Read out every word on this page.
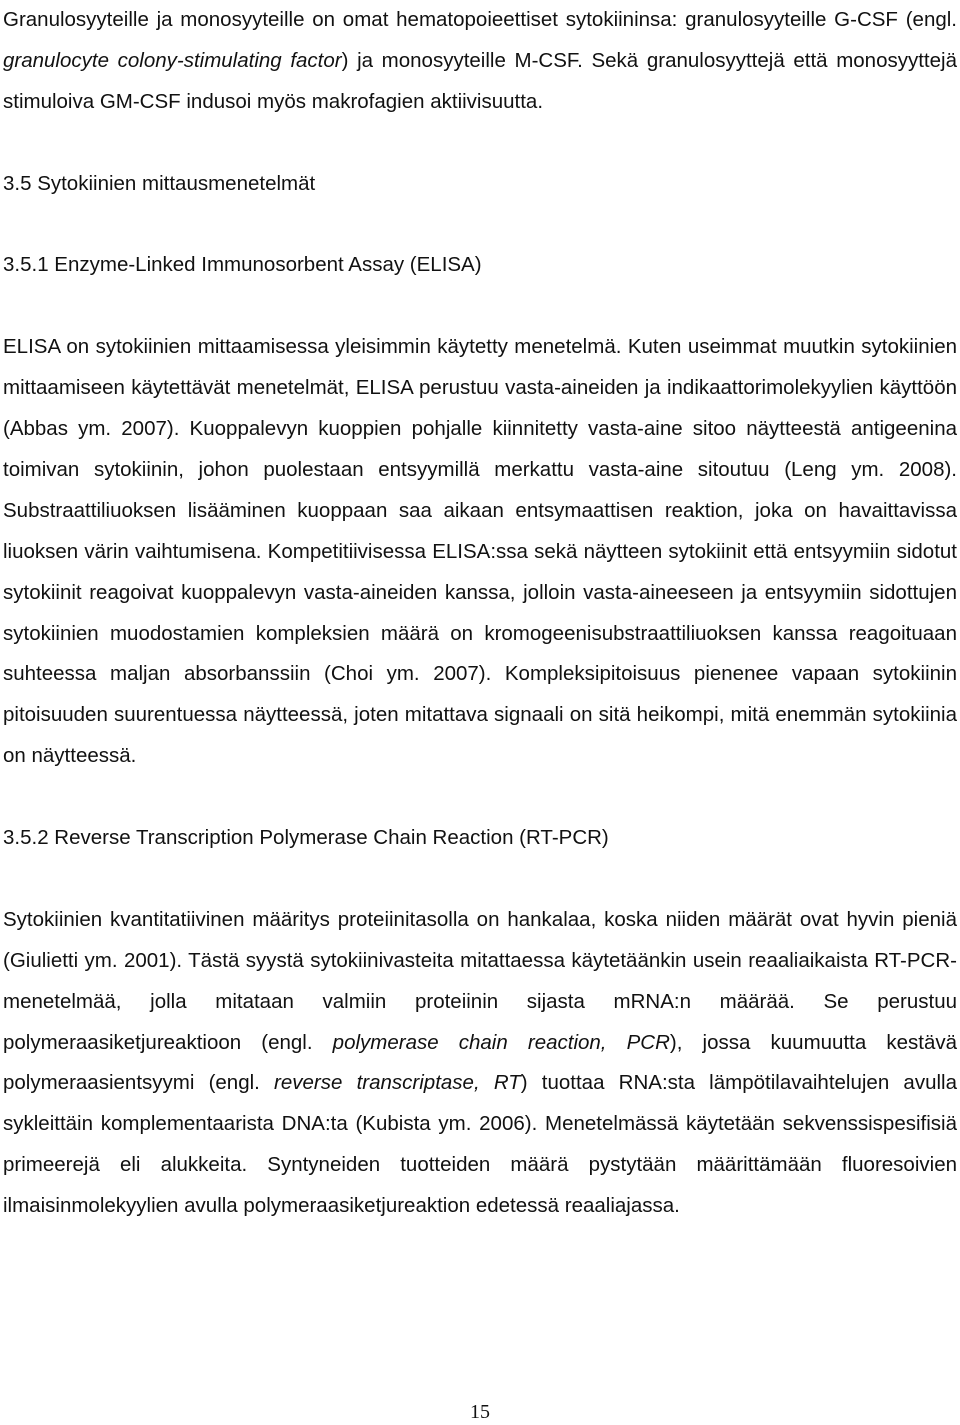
Granulosyyteille ja monosyyteille on omat hematopoieettiset sytokiininsa: granulosyyteille G-CSF (engl. granulocyte colony-stimulating factor) ja monosyyteille M-CSF. Sekä granulosyyttejä että monosyyttejä stimuloiva GM-CSF indusoi myös makrofagien aktiivisuutta.

3.5 Sytokiinien mittausmenetelmät
3.5.1 Enzyme-Linked Immunosorbent Assay (ELISA)

ELISA on sytokiinien mittaamisessa yleisimmin käytetty menetelmä. Kuten useimmat muutkin sytokiinien mittaamiseen käytettävät menetelmät, ELISA perustuu vasta-aineiden ja indikaattorimolekyylien käyttöön (Abbas ym. 2007). Kuoppalevyn kuoppien pohjalle kiinnitetty vasta-aine sitoo näytteestä antigeenina toimivan sytokiinin, johon puolestaan entsyymillä merkattu vasta-aine sitoutuu (Leng ym. 2008). Substraattiliuoksen lisääminen kuoppaan saa aikaan entsymaattisen reaktion, joka on havaittavissa liuoksen värin vaihtumisena. Kompetitiivisessa ELISA:ssa sekä näytteen sytokiinit että entsyymiin sidotut sytokiinit reagoivat kuoppalevyn vasta-aineiden kanssa, jolloin vasta-aineeseen ja entsyymiin sidottujen sytokiinien muodostamien kompleksien määrä on kromogeenisubstraattiliuoksen kanssa reagoituaan suhteessa maljan absorbanssiin (Choi ym. 2007). Kompleksipitoisuus pienenee vapaan sytokiinin pitoisuuden suurentuessa näytteessä, joten mitattava signaali on sitä heikompi, mitä enemmän sytokiinia on näytteessä.

3.5.2 Reverse Transcription Polymerase Chain Reaction (RT-PCR)

Sytokiinien kvantitatiivinen määritys proteiinitasolla on hankalaa, koska niiden määrät ovat hyvin pieniä (Giulietti ym. 2001). Tästä syystä sytokiinivasteita mitattaessa käytetäänkin usein reaaliaikaista RT-PCR-menetelmää, jolla mitataan valmiin proteiinin sijasta mRNA:n määrää. Se perustuu polymeraasiketjureaktioon (engl. polymerase chain reaction, PCR), jossa kuumuutta kestävä polymeraasientsyymi (engl. reverse transcriptase, RT) tuottaa RNA:sta lämpötilavaihtelujen avulla sykleittäin komplementaarista DNA:ta (Kubista ym. 2006). Menetelmässä käytetään sekvenssispesifisiä primeerejä eli alukkeita. Syntyneiden tuotteiden määrä pystytään määrittämään fluoresoivien ilmaisinmolekyylien avulla polymeraasiketjureaktion edetessä reaaliajassa.

15
